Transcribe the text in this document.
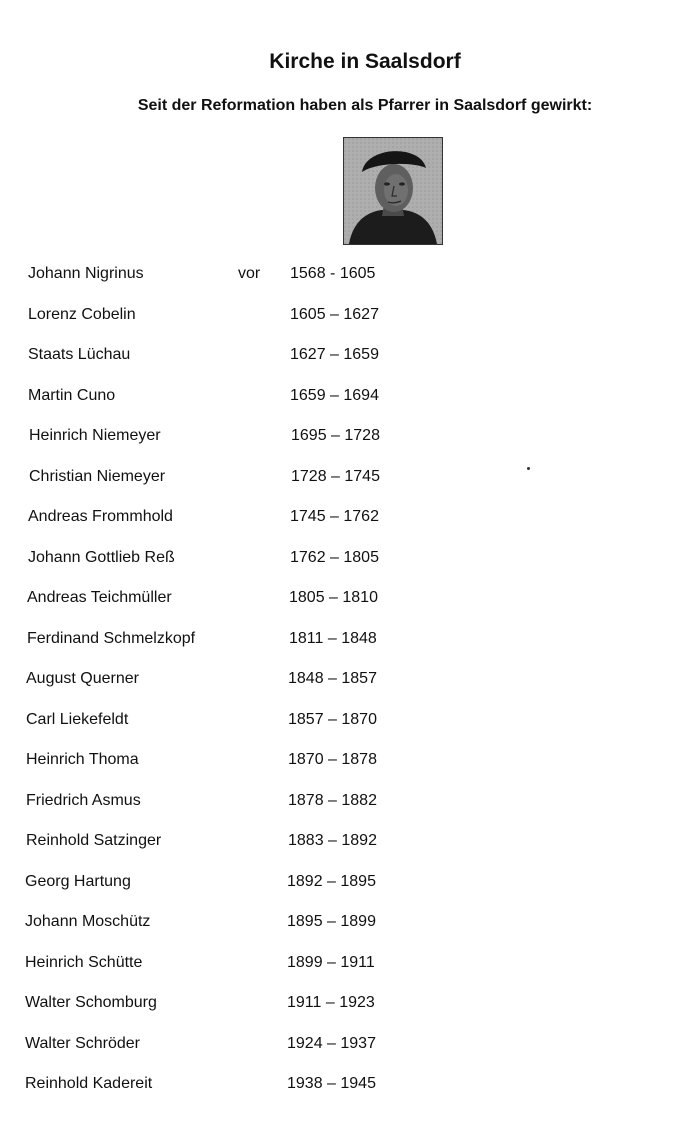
Kirche in Saalsdorf
Seit der Reformation haben als Pfarrer in Saalsdorf gewirkt:
Johann Nigrinus	vor 1568 - 1605
Lorenz Cobelin	1605 – 1627
Staats Lüchau	1627 – 1659
Martin Cuno	1659 – 1694
Heinrich Niemeyer	1695 – 1728
Christian Niemeyer	1728 – 1745
Andreas Frommhold	1745 – 1762
Johann Gottlieb Reß	1762 – 1805
Andreas Teichmüller	1805 – 1810
Ferdinand Schmelzkopf	1811 – 1848
August Querner	1848 – 1857
Carl Liekefeldt	1857 – 1870
Heinrich Thoma	1870 – 1878
Friedrich Asmus	1878 – 1882
Reinhold Satzinger	1883 – 1892
Georg Hartung	1892 – 1895
Johann Moschütz	1895 – 1899
Heinrich Schütte	1899 – 1911
Walter Schomburg	1911 – 1923
Walter Schröder	1924 – 1937
Reinhold Kadereit	1938 – 1945
